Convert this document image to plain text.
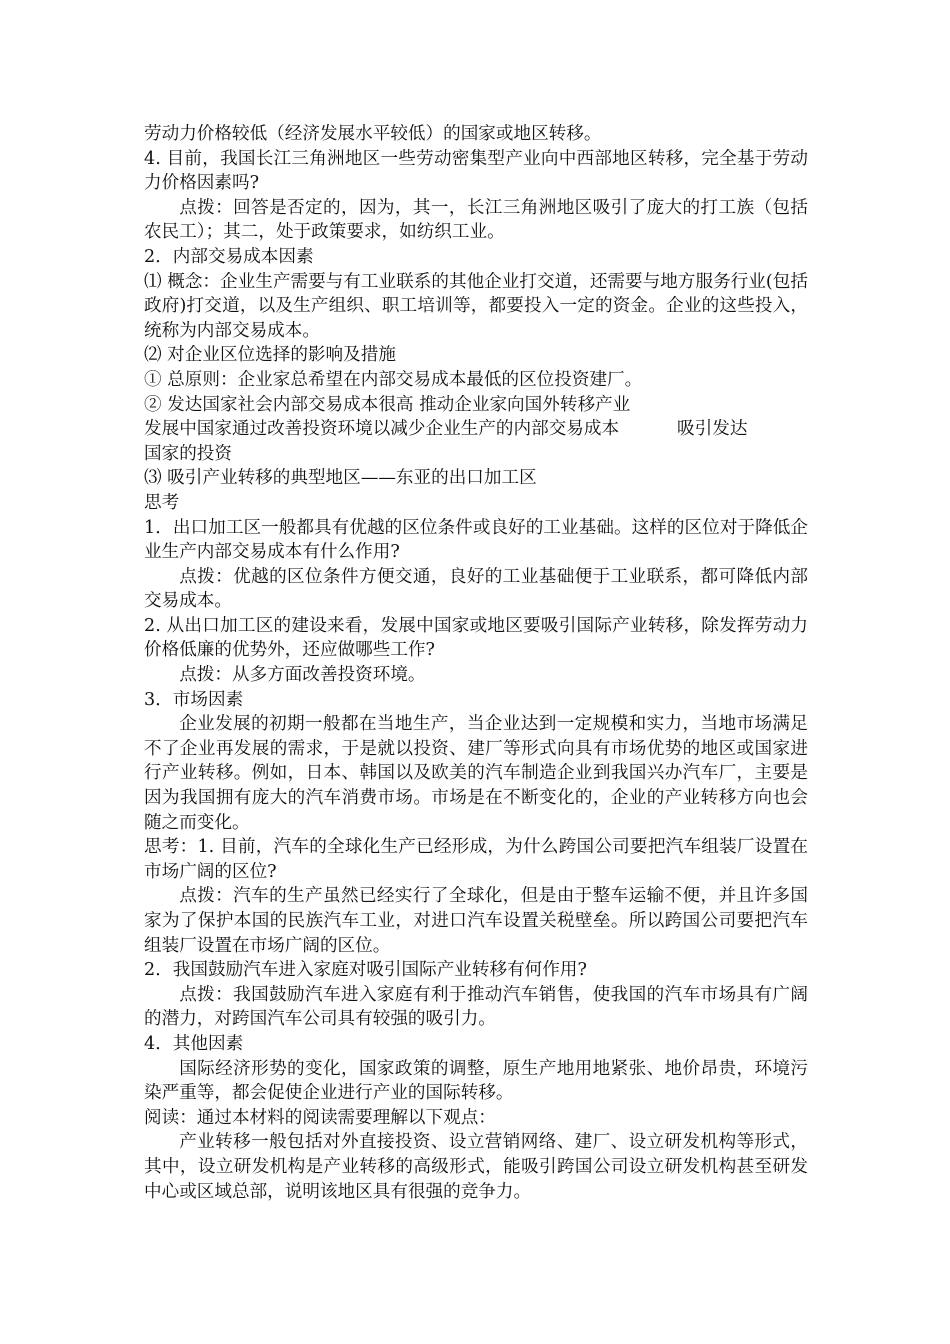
劳动力价格较低（经济发展水平较低）的国家或地区转移。
4. 目前，我国长江三角洲地区一些劳动密集型产业向中西部地区转移，完全基于劳动力价格因素吗?
点拨：回答是否定的，因为，其一，长江三角洲地区吸引了庞大的打工族（包括农民工）；其二，处于政策要求，如纺织工业。
2．内部交易成本因素
⑴ 概念：企业生产需要与有工业联系的其他企业打交道，还需要与地方服务行业(包括政府)打交道，以及生产组织、职工培训等，都要投入一定的资金。企业的这些投入，统称为内部交易成本。
⑵ 对企业区位选择的影响及措施
① 总原则：企业家总希望在内部交易成本最低的区位投资建厂。
② 发达国家社会内部交易成本很高 推动企业家向国外转移产业
发展中国家通过改善投资环境以减少企业生产的内部交易成本	吸引发达
国家的投资
⑶ 吸引产业转移的典型地区——东亚的出口加工区
思考
1．出口加工区一般都具有优越的区位条件或良好的工业基础。这样的区位对于降低企业生产内部交易成本有什么作用?
点拨：优越的区位条件方便交通，良好的工业基础便于工业联系，都可降低内部交易成本。
2. 从出口加工区的建设来看，发展中国家或地区要吸引国际产业转移，除发挥劳动力价格低廉的优势外，还应做哪些工作?
点拨：从多方面改善投资环境。
3．市场因素
企业发展的初期一般都在当地生产，当企业达到一定规模和实力，当地市场满足不了企业再发展的需求，于是就以投资、建厂等形式向具有市场优势的地区或国家进行产业转移。例如，日本、韩国以及欧美的汽车制造企业到我国兴办汽车厂，主要是因为我国拥有庞大的汽车消费市场。市场是在不断变化的，企业的产业转移方向也会随之而变化。
思考：1. 目前，汽车的全球化生产已经形成，为什么跨国公司要把汽车组装厂设置在市场广阔的区位?
点拨：汽车的生产虽然已经实行了全球化，但是由于整车运输不便，并且许多国家为了保护本国的民族汽车工业，对进口汽车设置关税壁垒。所以跨国公司要把汽车组装厂设置在市场广阔的区位。
2．我国鼓励汽车进入家庭对吸引国际产业转移有何作用?
点拨：我国鼓励汽车进入家庭有利于推动汽车销售，使我国的汽车市场具有广阔的潜力，对跨国汽车公司具有较强的吸引力。
4．其他因素
国际经济形势的变化，国家政策的调整，原生产地用地紧张、地价昂贵，环境污染严重等，都会促使企业进行产业的国际转移。
阅读：通过本材料的阅读需要理解以下观点：
产业转移一般包括对外直接投资、设立营销网络、建厂、设立研发机构等形式，其中，设立研发机构是产业转移的高级形式，能吸引跨国公司设立研发机构甚至研发中心或区域总部，说明该地区具有很强的竞争力。
